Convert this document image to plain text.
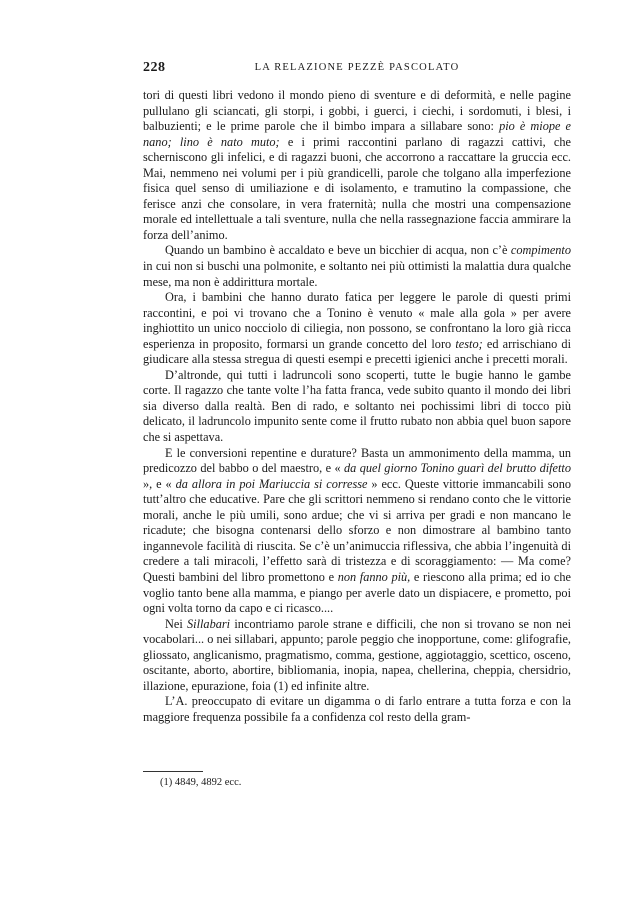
228	LA RELAZIONE PEZZÈ PASCOLATO

tori di questi libri vedono il mondo pieno di sventure e di deformità, e nelle pagine pullulano gli sciancati, gli storpi, i gobbi, i guerci, i ciechi, i sordomuti, i blesi, i balbuzienti; e le prime parole che il bimbo impara a sillabare sono: pio è miope e nano; lino è nato muto; e i primi raccontini parlano di ragazzi cattivi, che scherniscono gli infelici, e di ragazzi buoni, che accorrono a raccattare la gruccia ecc. Mai, nemmeno nei volumi per i più grandicelli, parole che tolgano alla imperfezione fisica quel senso di umiliazione e di isolamento, e tramutino la compassione, che ferisce anzi che consolare, in vera fraternità; nulla che mostri una compensazione morale ed intellettuale a tali sventure, nulla che nella rassegnazione faccia ammirare la forza dell’animo.

Quando un bambino è accaldato e beve un bicchier di acqua, non c’è compimento in cui non si buschi una polmonite, e soltanto nei più ottimisti la malattia dura qualche mese, ma non è addirittura mortale.

Ora, i bambini che hanno durato fatica per leggere le parole di questi primi raccontini, e poi vi trovano che a Tonino è venuto « male alla gola » per avere inghiottito un unico nocciolo di ciliegia, non possono, se confrontano la loro già ricca esperienza in proposito, formarsi un grande concetto del loro testo; ed arrischiano di giudicare alla stessa stregua di questi esempi e precetti igienici anche i precetti morali.

D’altronde, qui tutti i ladruncoli sono scoperti, tutte le bugie hanno le gambe corte. Il ragazzo che tante volte l’ha fatta franca, vede subito quanto il mondo dei libri sia diverso dalla realtà. Ben di rado, e soltanto nei pochissimi libri di tocco più delicato, il ladruncolo impunito sente come il frutto rubato non abbia quel buon sapore che si aspettava.

E le conversioni repentine e durature? Basta un ammonimento della mamma, un predicozzo del babbo o del maestro, e « da quel giorno Tonino guarì del brutto difetto », e « da allora in poi Mariuccia si corresse » ecc. Queste vittorie immancabili sono tutt’altro che educative. Pare che gli scrittori nemmeno si rendano conto che le vittorie morali, anche le più umili, sono ardue; che vi si arriva per gradi e non mancano le ricadute; che bisogna contenarsi dello sforzo e non dimostrare al bambino tanto ingannevole facilità di riuscita. Se c’è un’animuccia riflessiva, che abbia l’ingenuità di credere a tali miracoli, l’effetto sarà di tristezza e di scoraggiamento: — Ma come? Questi bambini del libro promettono e non fanno più, e riescono alla prima; ed io che voglio tanto bene alla mamma, e piango per averle dato un dispiacere, e prometto, poi ogni volta torno da capo e ci ricasco....

Nei Sillabari incontriamo parole strane e difficili, che non si trovano se non nei vocabolari... o nei sillabari, appunto; parole peggio che inopportune, come: glifografie, gliossato, anglicanismo, pragmatismo, comma, gestione, aggiotaggio, scettico, osceno, oscitante, aborto, abortire, bibliomania, inopia, napea, chellerina, cheppia, chersidrio, illazione, epurazione, foia (1) ed infinite altre.

L’A. preoccupato di evitare un digamma o di farlo entrare a tutta forza e con la maggiore frequenza possibile fa a confidenza col resto della gram-

(1) 4849, 4892 ecc.
